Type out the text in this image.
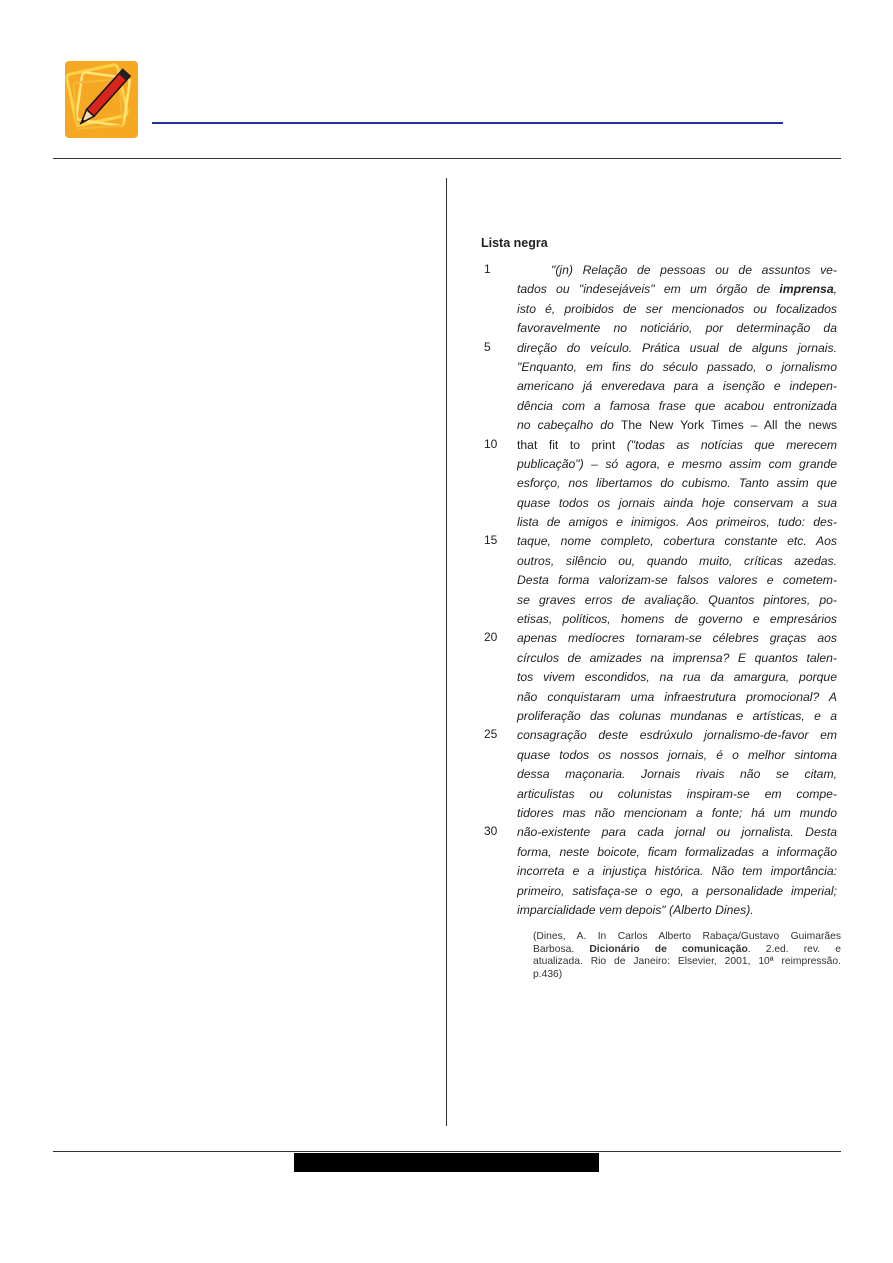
Lista negra
1	"(jn) Relação de pessoas ou de assuntos ve-
tados ou "indesejáveis" em um órgão de imprensa,
isto é, proibidos de ser mencionados ou focalizados
favoravelmente no noticiário, por determinação da
5 direção do veículo. Prática usual de alguns jornais.
"Enquanto, em fins do século passado, o jornalismo
americano já enveredava para a isenção e indepen-
dência com a famosa frase que acabou entronizada
no cabeçalho do The New York Times – All the news
10 that fit to print ("todas as notícias que merecem
publicação") – só agora, e mesmo assim com grande
esforço, nos libertamos do cubismo. Tanto assim que
quase todos os jornais ainda hoje conservam a sua
lista de amigos e inimigos. Aos primeiros, tudo: des-
15 taque, nome completo, cobertura constante etc. Aos
outros, silêncio ou, quando muito, críticas azedas.
Desta forma valorizam-se falsos valores e cometem-
se graves erros de avaliação. Quantos pintores, po-
etisas, políticos, homens de governo e empresários
20 apenas medíocres tornaram-se célebres graças aos
círculos de amizades na imprensa? E quantos talen-
tos vivem escondidos, na rua da amargura, porque
não conquistaram uma infraestrutura promocional? A
proliferação das colunas mundanas e artísticas, e a
25 consagração deste esdrúxulo jornalismo-de-favor em
quase todos os nossos jornais, é o melhor sintoma
dessa maçonaria. Jornais rivais não se citam,
articulistas ou colunistas inspiram-se em compe-
tidores mas não mencionam a fonte; há um mundo
30 não-existente para cada jornal ou jornalista. Desta
forma, neste boicote, ficam formalizadas a informação
incorreta e a injustiça histórica. Não tem importância:
primeiro, satisfaça-se o ego, a personalidade imperial;
imparcialidade vem depois" (Alberto Dines).
(Dines, A. In Carlos Alberto Rabaça/Gustavo Guimarães
Barbosa. Dicionário de comunicação. 2.ed. rev. e
atualizada. Rio de Janeiro: Elsevier, 2001, 10ª reimpressão.
p.436)
